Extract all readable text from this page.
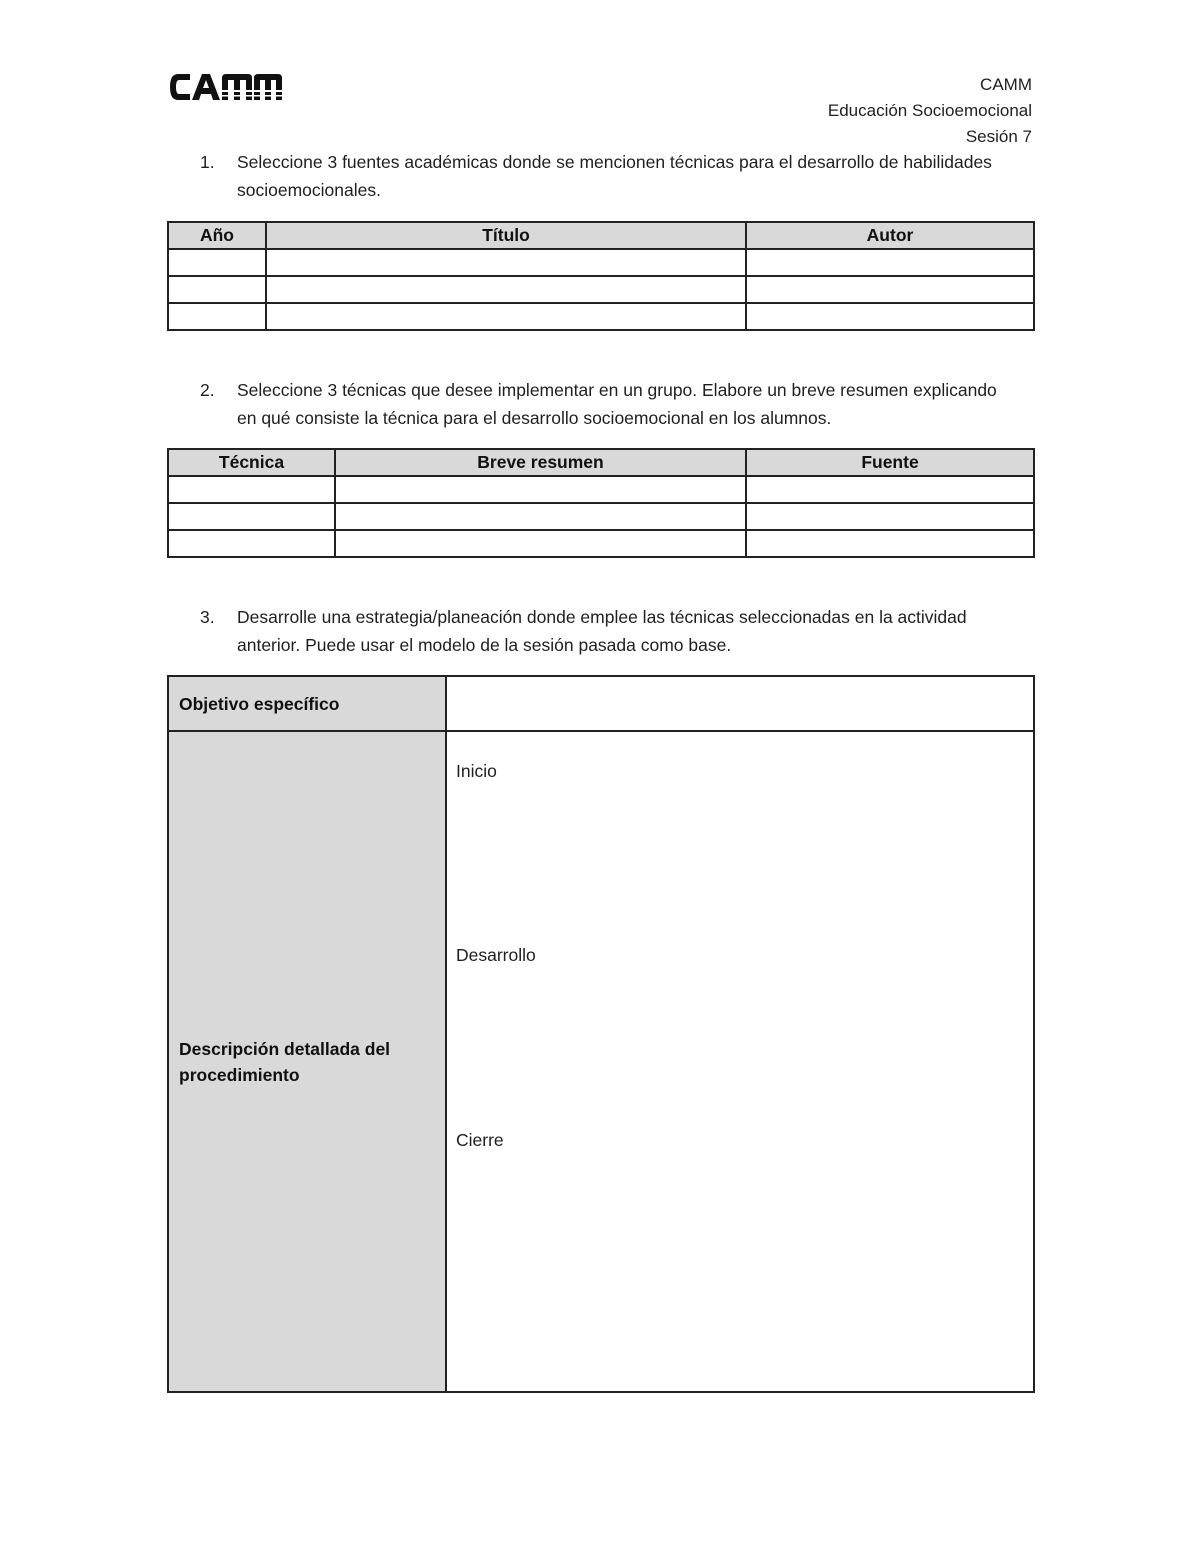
CAMM
Educación Socioemocional
Sesión 7
1. Seleccione 3 fuentes académicas donde se mencionen técnicas para el desarrollo de habilidades socioemocionales.
Año	Título	Autor

2. Seleccione 3 técnicas que desee implementar en un grupo. Elabore un breve resumen explicando en qué consiste la técnica para el desarrollo socioemocional en los alumnos.
Técnica	Breve resumen	Fuente

3. Desarrolle una estrategia/planeación donde emplee las técnicas seleccionadas en la actividad anterior. Puede usar el modelo de la sesión pasada como base.
Objetivo específico	
Descripción detallada del procedimiento	
Inicio
Desarrollo
Cierre
